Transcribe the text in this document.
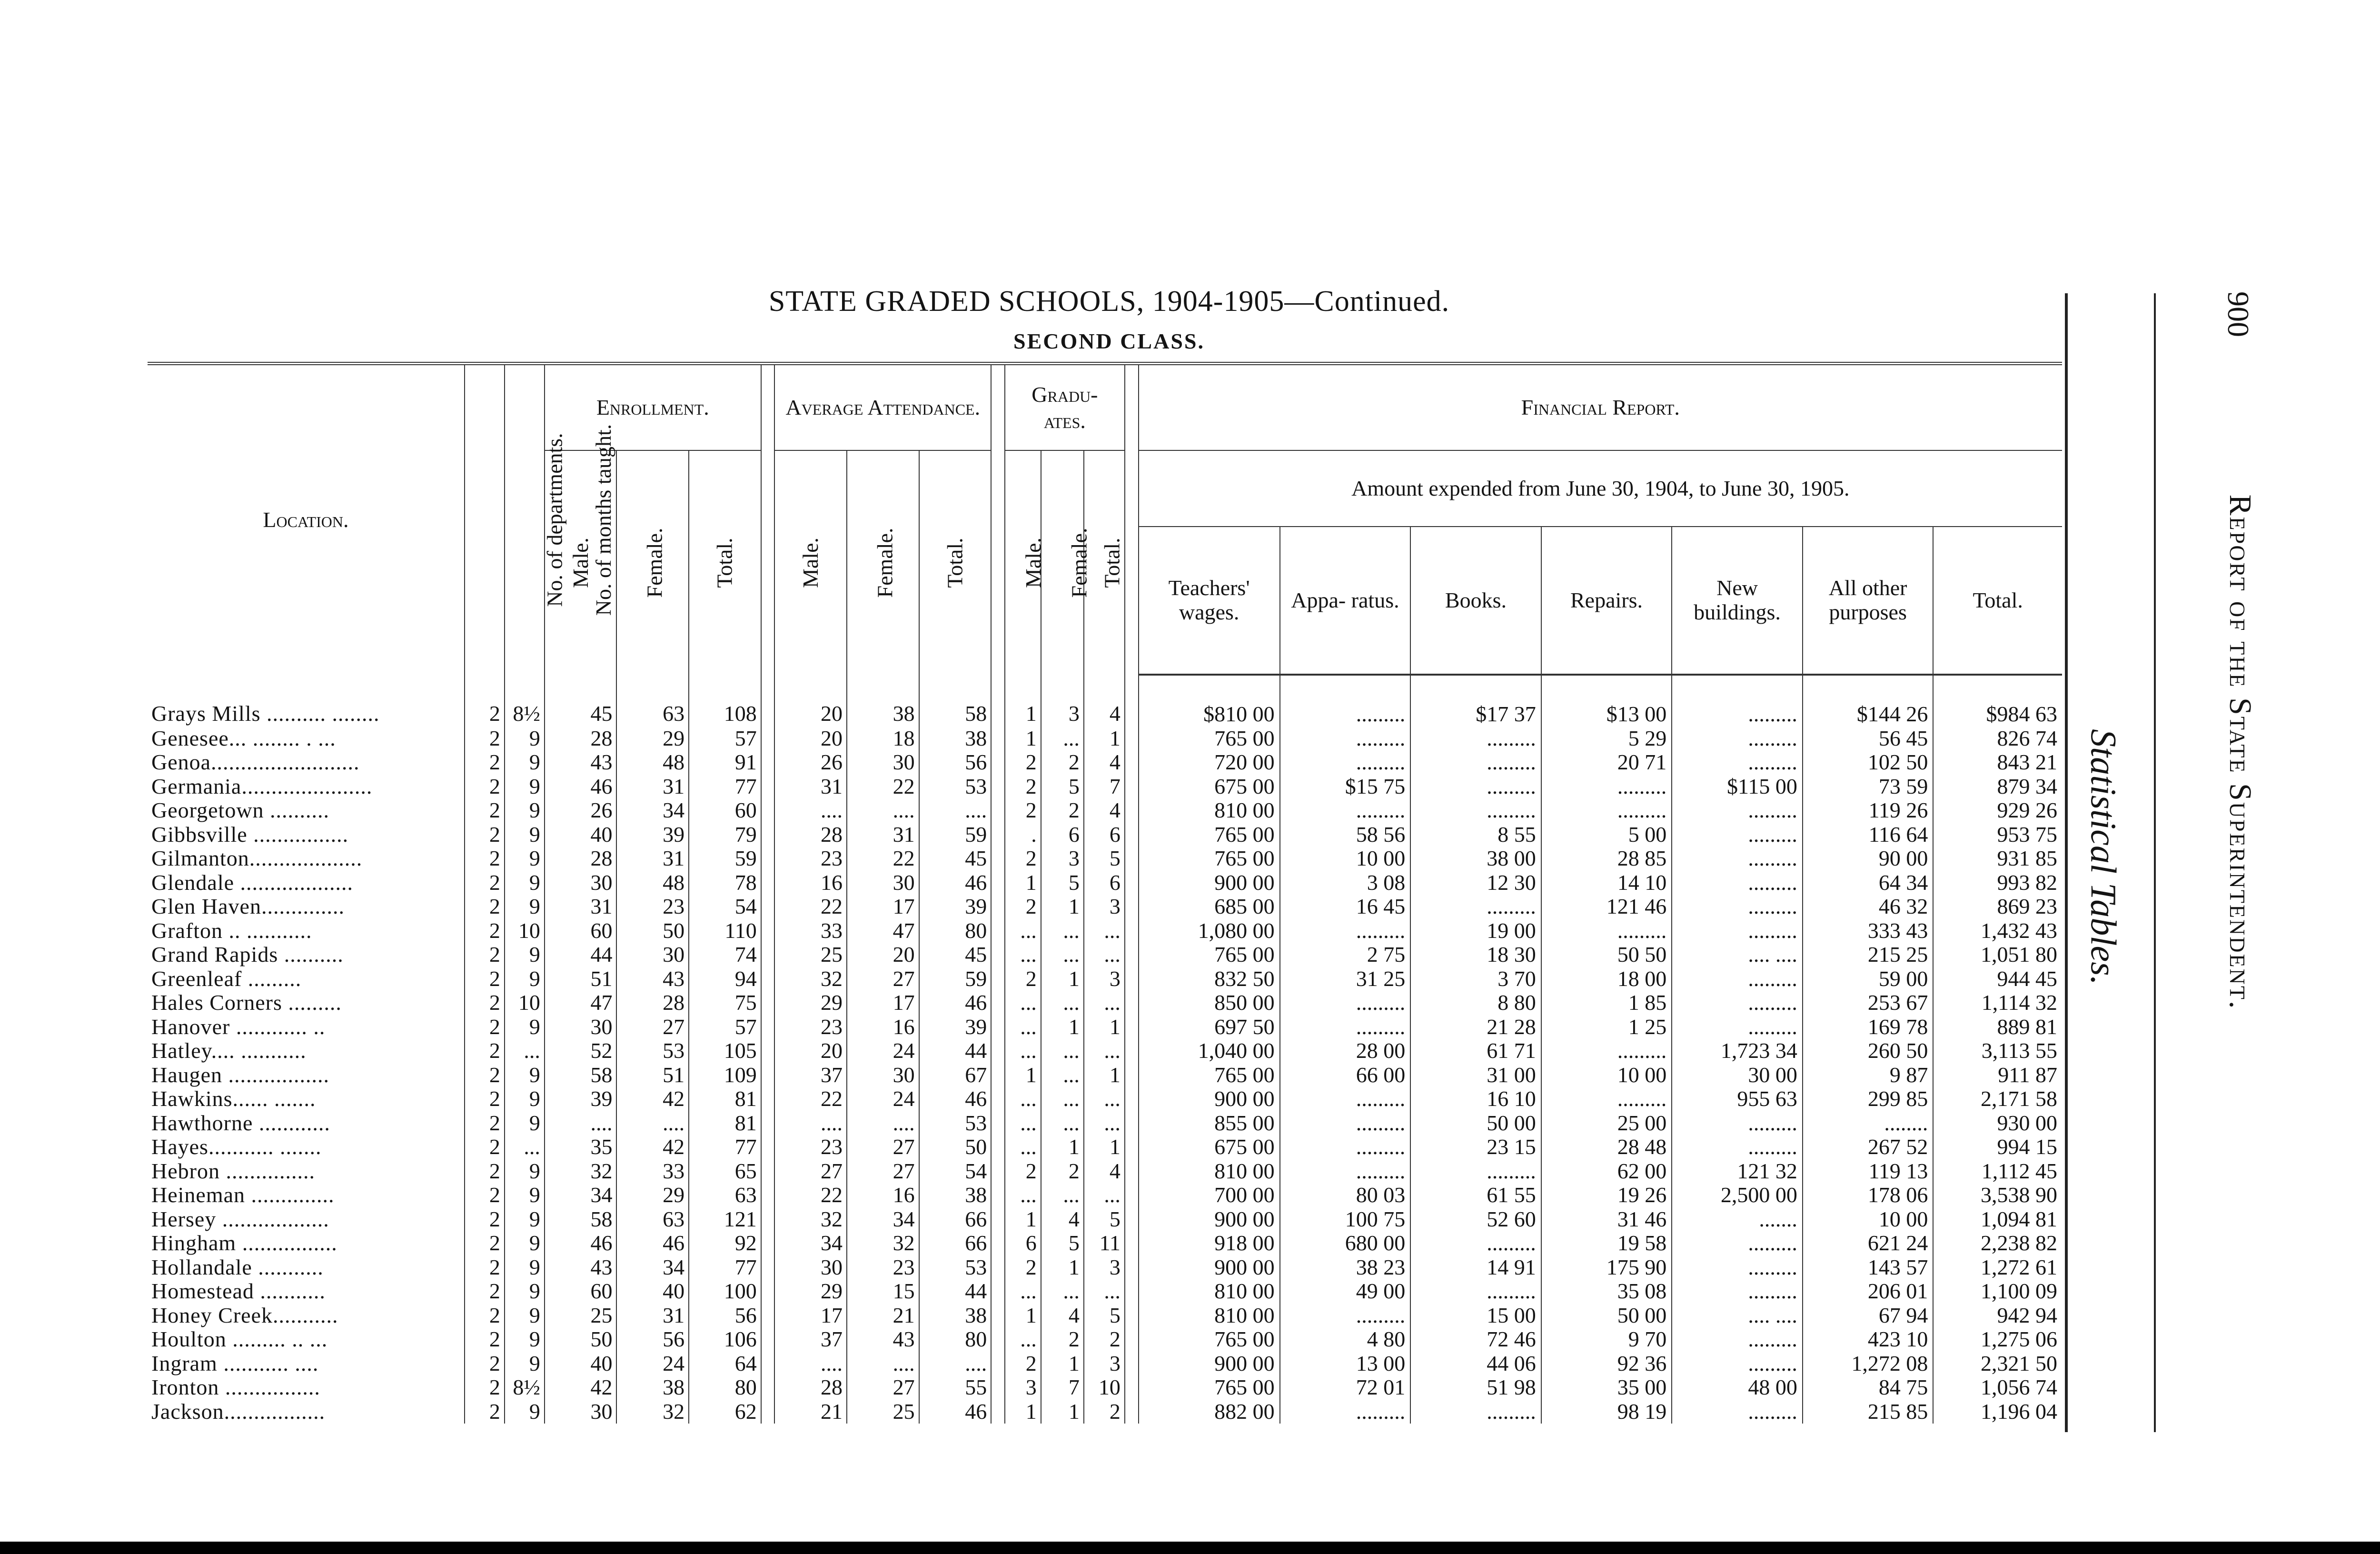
STATE GRADED SCHOOLS, 1904-1905—Continued.
SECOND CLASS.
Location.	No. of departments.	No. of months taught.	Enrollment.				Average Attendance.				Gradu- ates.				Financial Report.						
			Male.	Female.	Total.		Male.	Female.	Total.		Male.	Female.	Total.		Amount expended from June 30, 1904, to June 30, 1905.						
															Teachers' wages.	Appa- ratus.	Books.	Repairs.	New buildings.	All other purposes	Total.
Grays Mills .......... ........	2	8½	45	63	108		20	38	58		1	3	4		$810 00	.........	$17 37	$13 00	.........	$144 26	$984 63
Genesee... ........ . ...	2	9	28	29	57		20	18	38		1	...	1		765 00	.........	.........	5 29	.........	56 45	826 74
Genoa.........................	2	9	43	48	91		26	30	56		2	2	4		720 00	.........	.........	20 71	.........	102 50	843 21
Germania......................	2	9	46	31	77		31	22	53		2	5	7		675 00	$15 75	.........	.........	$115 00	73 59	879 34
Georgetown ..........	2	9	26	34	60		....	....	....		2	2	4		810 00	.........	.........	.........	.........	119 26	929 26
Gibbsville ................	2	9	40	39	79		28	31	59		.	6	6		765 00	58 56	8 55	5 00	.........	116 64	953 75
Gilmanton...................	2	9	28	31	59		23	22	45		2	3	5		765 00	10 00	38 00	28 85	.........	90 00	931 85
Glendale ...................	2	9	30	48	78		16	30	46		1	5	6		900 00	3 08	12 30	14 10	.........	64 34	993 82
Glen Haven..............	2	9	31	23	54		22	17	39		2	1	3		685 00	16 45	.........	121 46	.........	46 32	869 23
Grafton .. ...........	2	10	60	50	110		33	47	80		...	...	...		1,080 00	.........	19 00	.........	.........	333 43	1,432 43
Grand Rapids ..........	2	9	44	30	74		25	20	45		...	...	...		765 00	2 75	18 30	50 50	.... ....	215 25	1,051 80
Greenleaf .........	2	9	51	43	94		32	27	59		2	1	3		832 50	31 25	3 70	18 00	.........	59 00	944 45
Hales Corners .........	2	10	47	28	75		29	17	46		...	...	...		850 00	.........	8 80	1 85	.........	253 67	1,114 32
Hanover ............ ..	2	9	30	27	57		23	16	39		...	1	1		697 50	.........	21 28	1 25	.........	169 78	889 81
Hatley.... ...........	2	...	52	53	105		20	24	44		...	...	...		1,040 00	28 00	61 71	.........	1,723 34	260 50	3,113 55
Haugen .................	2	9	58	51	109		37	30	67		1	...	1		765 00	66 00	31 00	10 00	30 00	9 87	911 87
Hawkins...... .......	2	9	39	42	81		22	24	46		...	...	...		900 00	.........	16 10	.........	955 63	299 85	2,171 58
Hawthorne ............	2	9	....	....	81		....	....	53		...	...	...		855 00	.........	50 00	25 00	.........	........	930 00
Hayes........... .......	2	...	35	42	77		23	27	50		...	1	1		675 00	.........	23 15	28 48	.........	267 52	994 15
Hebron ...............	2	9	32	33	65		27	27	54		2	2	4		810 00	.........	.........	62 00	121 32	119 13	1,112 45
Heineman ..............	2	9	34	29	63		22	16	38		...	...	...		700 00	80 03	61 55	19 26	2,500 00	178 06	3,538 90
Hersey ..................	2	9	58	63	121		32	34	66		1	4	5		900 00	100 75	52 60	31 46	.......	10 00	1,094 81
Hingham ................	2	9	46	46	92		34	32	66		6	5	11		918 00	680 00	.........	19 58	.........	621 24	2,238 82
Hollandale ...........	2	9	43	34	77		30	23	53		2	1	3		900 00	38 23	14 91	175 90	.........	143 57	1,272 61
Homestead ...........	2	9	60	40	100		29	15	44		...	...	...		810 00	49 00	.........	35 08	.........	206 01	1,100 09
Honey Creek...........	2	9	25	31	56		17	21	38		1	4	5		810 00	.........	15 00	50 00	.... ....	67 94	942 94
Houlton ......... .. ...	2	9	50	56	106		37	43	80		...	2	2		765 00	4 80	72 46	9 70	.........	423 10	1,275 06
Ingram ........... ....	2	9	40	24	64		....	....	....		2	1	3		900 00	13 00	44 06	92 36	.........	1,272 08	2,321 50
Ironton ................	2	8½	42	38	80		28	27	55		3	7	10		765 00	72 01	51 98	35 00	48 00	84 75	1,056 74
Jackson.................	2	9	30	32	62		21	25	46		1	1	2		882 00	.........	.........	98 19	.........	215 85	1,196 04
Statistical Tables.	Report of the State Superintendent.
900
